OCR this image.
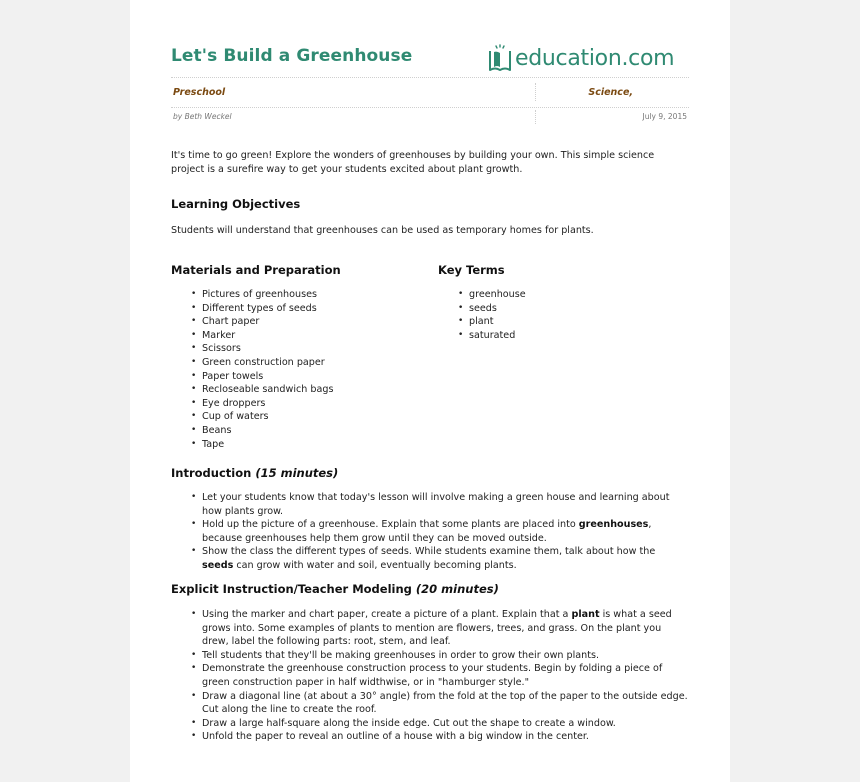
Let's Build a Greenhouse	education.com
Preschool	Science,
by Beth Weckel	July 9, 2015

It's time to go green! Explore the wonders of greenhouses by building your own. This simple science project is a surefire way to get your students excited about plant growth.

Learning Objectives

Students will understand that greenhouses can be used as temporary homes for plants.

Materials and Preparation
• Pictures of greenhouses
• Different types of seeds
• Chart paper
• Marker
• Scissors
• Green construction paper
• Paper towels
• Recloseable sandwich bags
• Eye droppers
• Cup of waters
• Beans
• Tape
Key Terms
• greenhouse
• seeds
• plant
• saturated
Introduction (15 minutes)
• Let your students know that today's lesson will involve making a green house and learning about how plants grow.
• Hold up the picture of a greenhouse. Explain that some plants are placed into greenhouses, because greenhouses help them grow until they can be moved outside.
• Show the class the different types of seeds. While students examine them, talk about how the seeds can grow with water and soil, eventually becoming plants.
Explicit Instruction/Teacher Modeling (20 minutes)
• Using the marker and chart paper, create a picture of a plant. Explain that a plant is what a seed grows into. Some examples of plants to mention are flowers, trees, and grass. On the plant you drew, label the following parts: root, stem, and leaf.
• Tell students that they'll be making greenhouses in order to grow their own plants.
• Demonstrate the greenhouse construction process to your students. Begin by folding a piece of green construction paper in half widthwise, or in "hamburger style."
• Draw a diagonal line (at about a 30° angle) from the fold at the top of the paper to the outside edge. Cut along the line to create the roof.
• Draw a large half-square along the inside edge. Cut out the shape to create a window.
• Unfold the paper to reveal an outline of a house with a big window in the center.
